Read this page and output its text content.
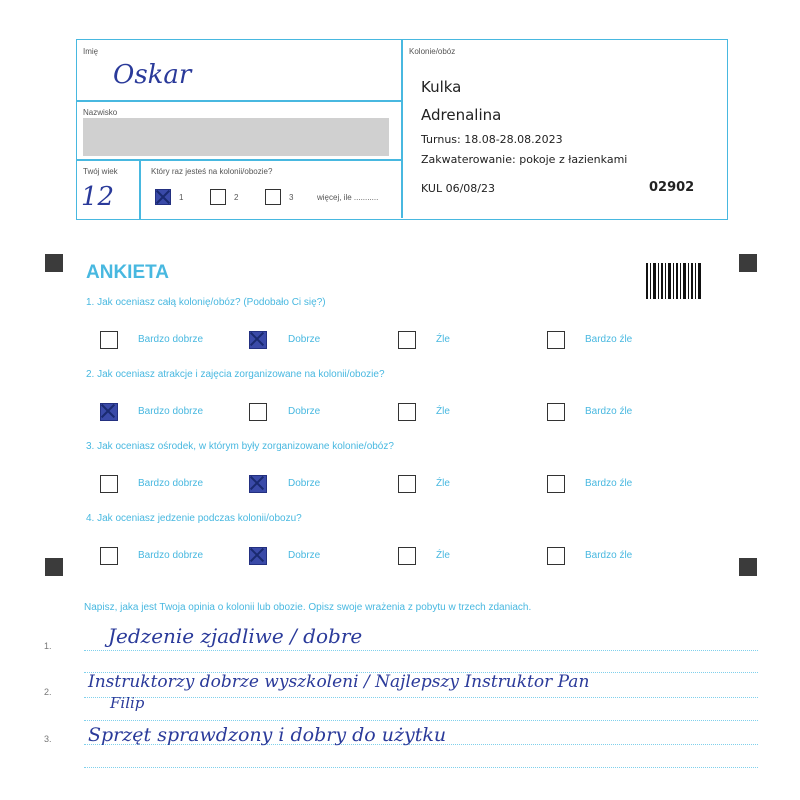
Imię
Oskar
Nazwisko
Twój wiek
12
Który raz jesteś na kolonii/obozie?
1	2	3	więcej, ile ...........
Kolonie/obóz
Kulka
Adrenalina
Turnus: 18.08-28.08.2023
Zakwaterowanie: pokoje z łazienkami
KUL 06/08/23	02902
ANKIETA
1. Jak oceniasz całą kolonię/obóz? (Podobało Ci się?)
Bardzo dobrze	Dobrze	Źle	Bardzo źle
2. Jak oceniasz atrakcje i zajęcia zorganizowane na kolonii/obozie?
Bardzo dobrze	Dobrze	Źle	Bardzo źle
3. Jak oceniasz ośrodek, w którym były zorganizowane kolonie/obóz?
Bardzo dobrze	Dobrze	Źle	Bardzo źle
4. Jak oceniasz jedzenie podczas kolonii/obozu?
Bardzo dobrze	Dobrze	Źle	Bardzo źle
Napisz, jaka jest Twoja opinia o kolonii lub obozie. Opisz swoje wrażenia z pobytu w trzech zdaniach.
1.
2.
3.
Jedzenie zjadliwe / dobre
Instruktorzy dobrze wyszkoleni / Najlepszy Instruktor Pan
Filip
Sprzęt sprawdzony i dobry do użytku
